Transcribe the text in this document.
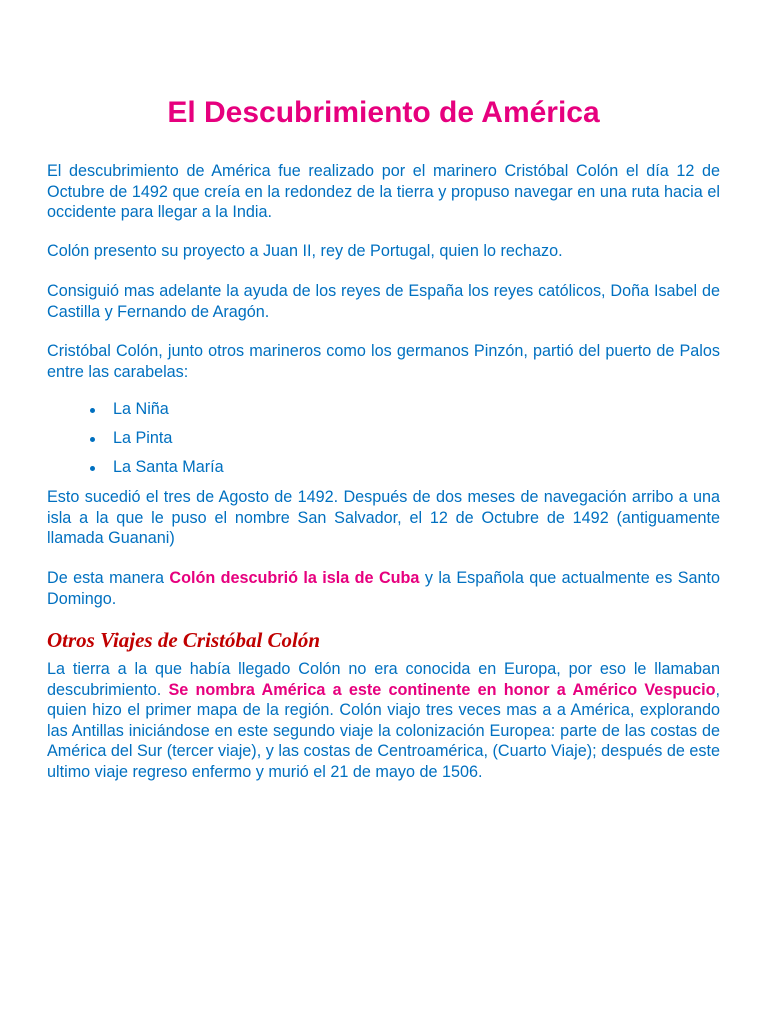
El Descubrimiento de América

El descubrimiento de América fue realizado por el marinero Cristóbal Colón el día 12 de Octubre de 1492 que creía en la redondez de la tierra y propuso navegar en una ruta hacia el occidente para llegar a la India.

Colón presento su proyecto a Juan II, rey de Portugal, quien lo rechazo.

Consiguió mas adelante la ayuda de los reyes de España los reyes católicos, Doña Isabel de Castilla y Fernando de Aragón.

Cristóbal Colón, junto otros marineros como los germanos Pinzón, partió del puerto de Palos entre las carabelas:

La Niña
La Pinta
La Santa María

Esto sucedió el tres de Agosto de 1492. Después de dos meses de navegación arribo a una isla a la que le puso el nombre San Salvador, el 12 de Octubre de 1492 (antiguamente llamada Guanani)

De esta manera Colón descubrió la isla de Cuba y la Española que actualmente es Santo Domingo.

Otros Viajes de Cristóbal Colón

La tierra a la que había llegado Colón no era conocida en Europa, por eso le llamaban descubrimiento. Se nombra América a este continente en honor a Américo Vespucio, quien hizo el primer mapa de la región. Colón viajo tres veces mas a a América, explorando las Antillas iniciándose en este segundo viaje la colonización Europea: parte de las costas de América del Sur (tercer viaje), y las costas de Centroamérica, (Cuarto Viaje); después de este ultimo viaje regreso enfermo y murió el 21 de mayo de 1506.
